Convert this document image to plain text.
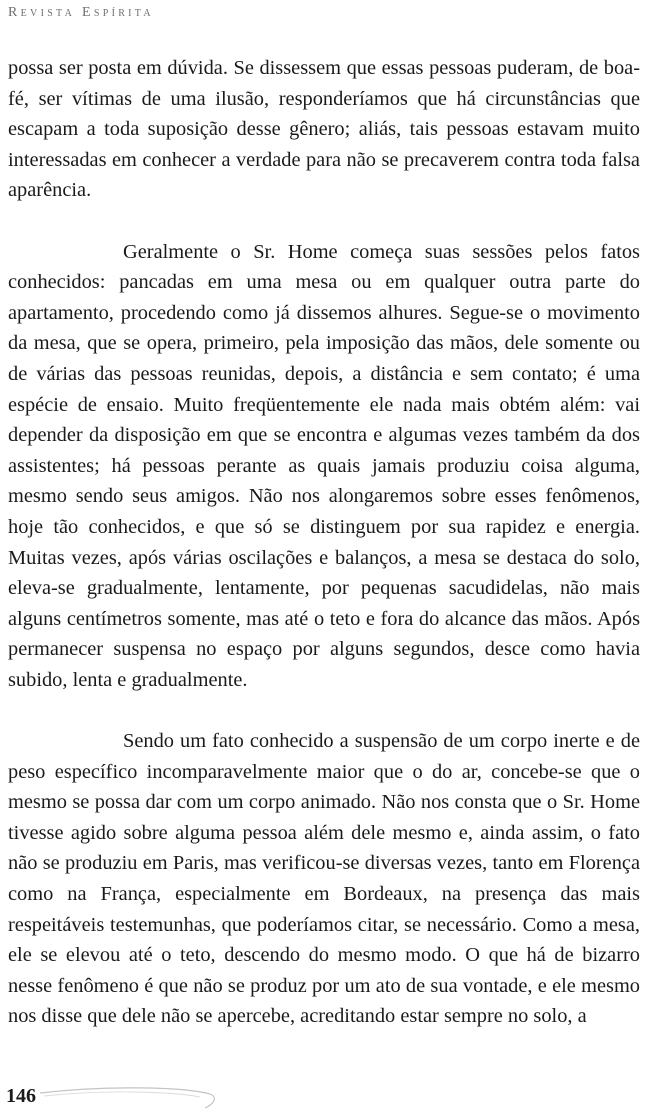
Revista Espírita

possa ser posta em dúvida. Se dissessem que essas pessoas puderam, de boa-fé, ser vítimas de uma ilusão, responderíamos que há circunstâncias que escapam a toda suposição desse gênero; aliás, tais pessoas estavam muito interessadas em conhecer a verdade para não se precaverem contra toda falsa aparência.

Geralmente o Sr. Home começa suas sessões pelos fatos conhecidos: pancadas em uma mesa ou em qualquer outra parte do apartamento, procedendo como já dissemos alhures. Segue-se o movimento da mesa, que se opera, primeiro, pela imposição das mãos, dele somente ou de várias das pessoas reunidas, depois, a distância e sem contato; é uma espécie de ensaio. Muito freqüentemente ele nada mais obtém além: vai depender da disposição em que se encontra e algumas vezes também da dos assistentes; há pessoas perante as quais jamais produziu coisa alguma, mesmo sendo seus amigos. Não nos alongaremos sobre esses fenômenos, hoje tão conhecidos, e que só se distinguem por sua rapidez e energia. Muitas vezes, após várias oscilações e balanços, a mesa se destaca do solo, eleva-se gradualmente, lentamente, por pequenas sacudidelas, não mais alguns centímetros somente, mas até o teto e fora do alcance das mãos. Após permanecer suspensa no espaço por alguns segundos, desce como havia subido, lenta e gradualmente.

Sendo um fato conhecido a suspensão de um corpo inerte e de peso específico incomparavelmente maior que o do ar, concebe-se que o mesmo se possa dar com um corpo animado. Não nos consta que o Sr. Home tivesse agido sobre alguma pessoa além dele mesmo e, ainda assim, o fato não se produziu em Paris, mas verificou-se diversas vezes, tanto em Florença como na França, especialmente em Bordeaux, na presença das mais respeitáveis testemunhas, que poderíamos citar, se necessário. Como a mesa, ele se elevou até o teto, descendo do mesmo modo. O que há de bizarro nesse fenômeno é que não se produz por um ato de sua vontade, e ele mesmo nos disse que dele não se apercebe, acreditando estar sempre no solo, a

146
